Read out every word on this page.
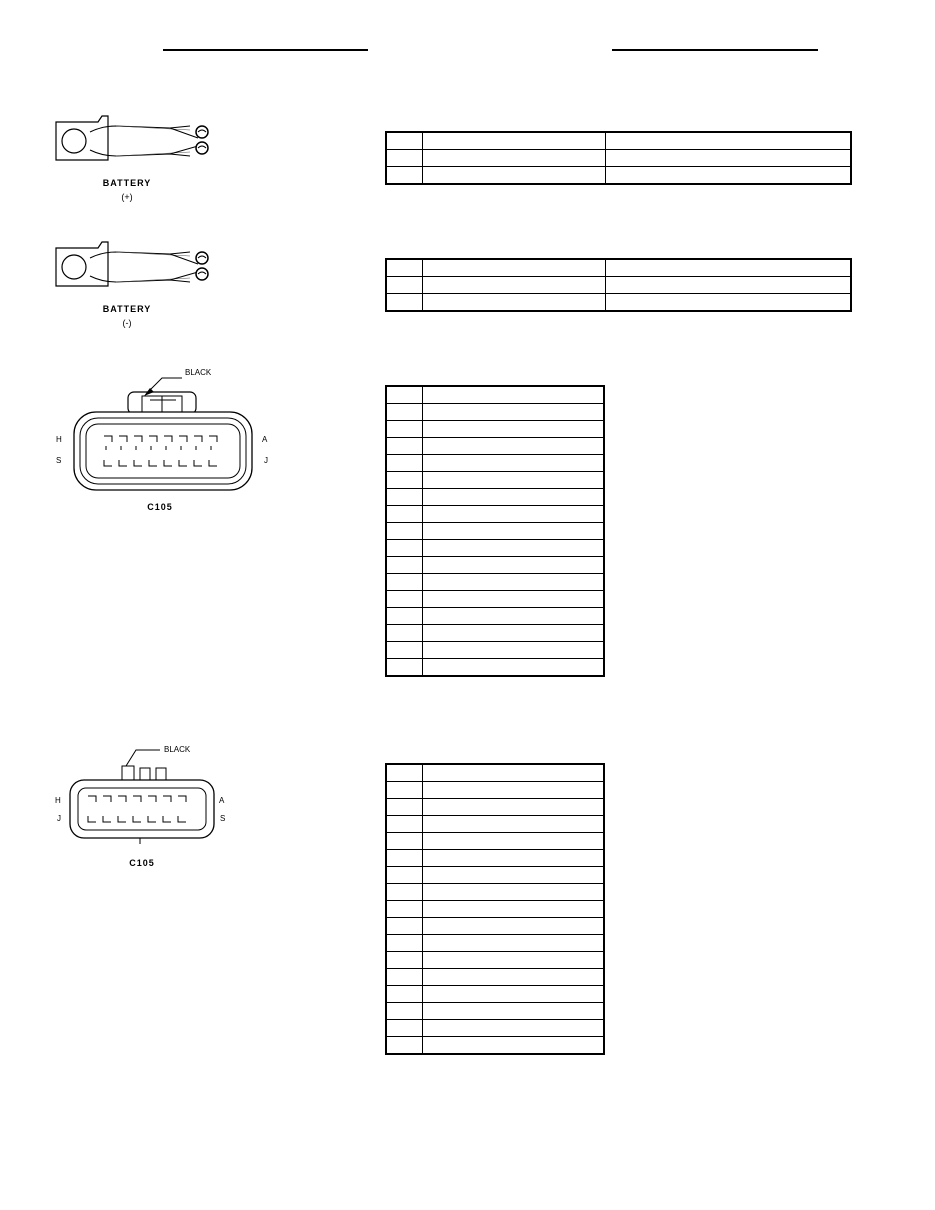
BATTERY
(+)

BATTERY
(-)

BLACK
H
S
A
J
C105

BLACK
H
J
A
S
C105
